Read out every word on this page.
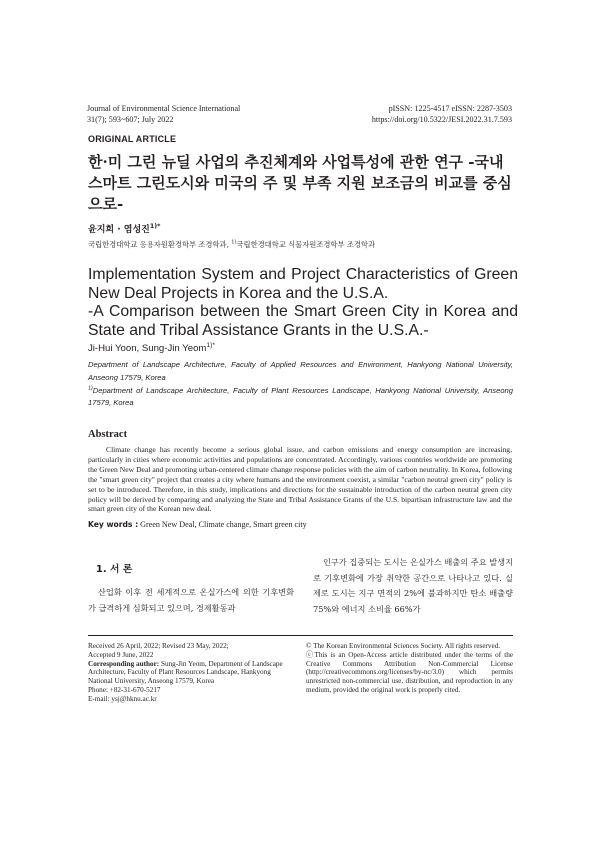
Journal of Environmental Science International
31(7); 593~607; July 2022
pISSN: 1225-4517 eISSN: 2287-3503
https://doi.org/10.5322/JESI.2022.31.7.593
ORIGINAL ARTICLE
한·미 그린 뉴딜 사업의 추진체계와 사업특성에 관한 연구 -국내 스마트 그린도시와 미국의 주 및 부족 지원 보조금의 비교를 중심으로-
윤지희 · 염성진$^{1)*}$
국립한경대학교 응용자원환경학부 조경학과, $^{1)}$국립한경대학교 식물자원조경학부 조경학과
Implementation System and Project Characteristics of Green New Deal Projects in Korea and the U.S.A.
-A Comparison between the Smart Green City in Korea and State and Tribal Assistance Grants in the U.S.A.-
Ji-Hui Yoon, Sung-Jin Yeom$^{1)*}$
Department of Landscape Architecture, Faculty of Applied Resources and Environment, Hankyong National University, Anseong 17579, Korea
$^{1)}$Department of Landscape Architecture, Faculty of Plant Resources Landscape, Hankyong National University, Anseong 17579, Korea
Abstract
Climate change has recently become a serious global issue, and carbon emissions and energy consumption are increasing, particularly in cities where economic activities and populations are concentrated. Accordingly, various countries worldwide are promoting the Green New Deal and promoting urban-centered climate change response policies with the aim of carbon neutrality. In Korea, following the "smart green city" project that creates a city where humans and the environment coexist, a similar "carbon neutral green city" policy is set to be introduced. Therefore, in this study, implications and directions for the sustainable introduction of the carbon neutral green city policy will be derived by comparing and analyzing the State and Tribal Assistance Grants of the U.S. bipartisan infrastructure law and the smart green city of the Korean new deal.
Key words : Green New Deal, Climate change, Smart green city
1. 서 론
산업화 이후 전 세계적으로 온실가스에 의한 기후변화가 급격하게 심화되고 있으며, 경제활동과
인구가 집중되는 도시는 온실가스 배출의 주요 발생지로 기후변화에 가장 취약한 공간으로 나타나고 있다. 실제로 도시는 지구 면적의 2%에 불과하지만 탄소 배출량 75%와 에너지 소비율 66%가
Received 26 April, 2022; Revised 23 May, 2022;
Accepted 9 June, 2022
Corresponding author: Sung-Jin Yeom, Department of Landscape Architecture, Faculty of Plant Resources Landscape, Hankyong National University, Anseong 17579, Korea
Phone: +82-31-670-5217
E-mail: ysj@hknu.ac.kr
© The Korean Environmental Sciences Society. All rights reserved.
ⓒThis is an Open-Access article distributed under the terms of the Creative Commons Attribution Non-Commercial License (http://creativecommons.org/licenses/by-nc/3.0) which permits unrestricted non-commercial use, distribution, and reproduction in any medium, provided the original work is properly cited.
